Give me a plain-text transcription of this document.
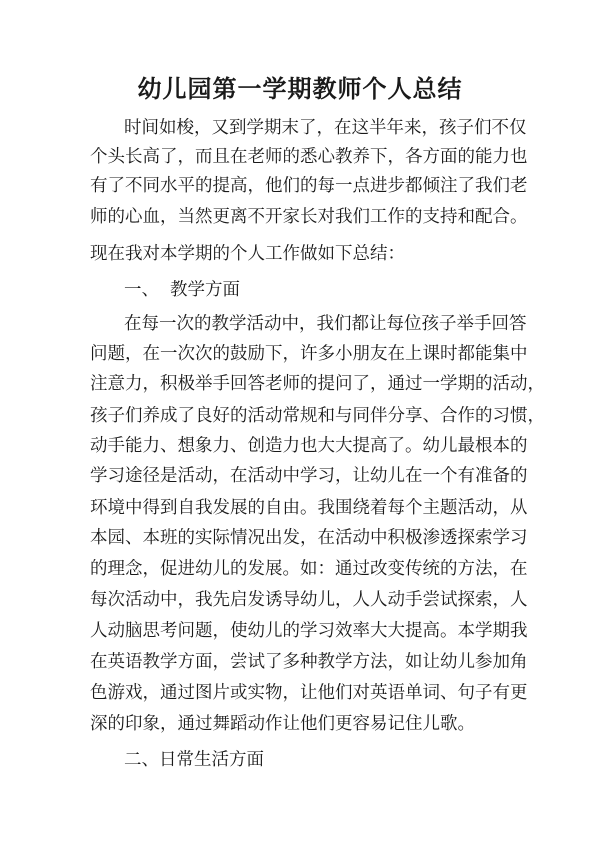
幼儿园第一学期教师个人总结
时间如梭，又到学期末了，在这半年来，孩子们不仅
个头长高了，而且在老师的悉心教养下，各方面的能力也
有了不同水平的提高，他们的每一点进步都倾注了我们老
师的心血，当然更离不开家长对我们工作的支持和配合。
现在我对本学期的个人工作做如下总结：
一、 教学方面
在每一次的教学活动中，我们都让每位孩子举手回答
问题，在一次次的鼓励下，许多小朋友在上课时都能集中
注意力，积极举手回答老师的提问了，通过一学期的活动，
孩子们养成了良好的活动常规和与同伴分享、合作的习惯，
动手能力、想象力、创造力也大大提高了。幼儿最根本的
学习途径是活动，在活动中学习，让幼儿在一个有准备的
环境中得到自我发展的自由。我围绕着每个主题活动，从
本园、本班的实际情况出发，在活动中积极渗透探索学习
的理念，促进幼儿的发展。如：通过改变传统的方法，在
每次活动中，我先启发诱导幼儿，人人动手尝试探索，人
人动脑思考问题，使幼儿的学习效率大大提高。本学期我
在英语教学方面，尝试了多种教学方法，如让幼儿参加角
色游戏，通过图片或实物，让他们对英语单词、句子有更
深的印象，通过舞蹈动作让他们更容易记住儿歌。
二、日常生活方面
